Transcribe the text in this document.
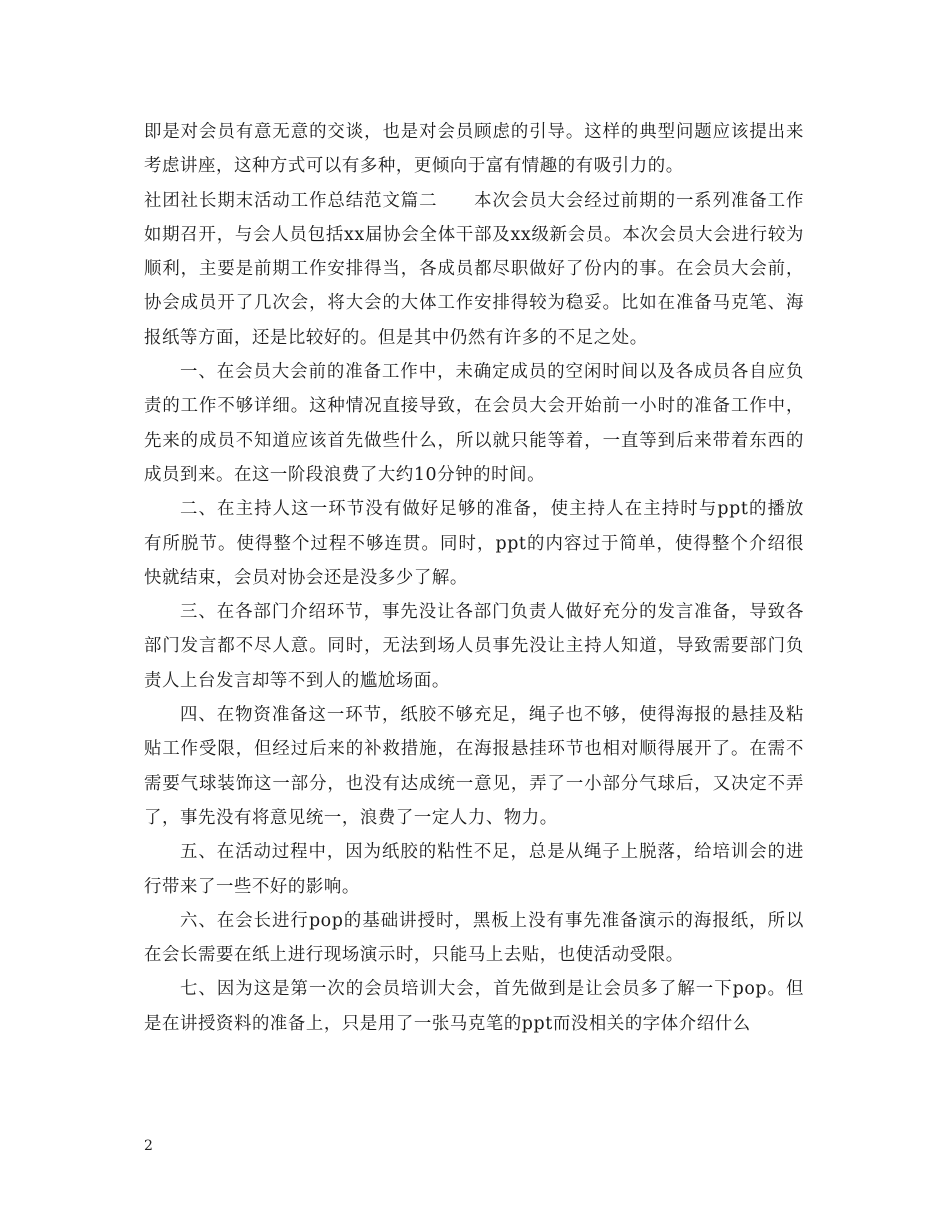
即是对会员有意无意的交谈，也是对会员顾虑的引导。这样的典型问题应该提出来考虑讲座，这种方式可以有多种，更倾向于富有情趣的有吸引力的。

社团社长期末活动工作总结范文篇二　　本次会员大会经过前期的一系列准备工作如期召开，与会人员包括xx届协会全体干部及xx级新会员。本次会员大会进行较为顺利，主要是前期工作安排得当，各成员都尽职做好了份内的事。在会员大会前，协会成员开了几次会，将大会的大体工作安排得较为稳妥。比如在准备马克笔、海报纸等方面，还是比较好的。但是其中仍然有许多的不足之处。

一、在会员大会前的准备工作中，未确定成员的空闲时间以及各成员各自应负责的工作不够详细。这种情况直接导致，在会员大会开始前一小时的准备工作中，先来的成员不知道应该首先做些什么，所以就只能等着，一直等到后来带着东西的成员到来。在这一阶段浪费了大约10分钟的时间。

二、在主持人这一环节没有做好足够的准备，使主持人在主持时与ppt的播放有所脱节。使得整个过程不够连贯。同时，ppt的内容过于简单，使得整个介绍很快就结束，会员对协会还是没多少了解。

三、在各部门介绍环节，事先没让各部门负责人做好充分的发言准备，导致各部门发言都不尽人意。同时，无法到场人员事先没让主持人知道，导致需要部门负责人上台发言却等不到人的尴尬场面。

四、在物资准备这一环节，纸胶不够充足，绳子也不够，使得海报的悬挂及粘贴工作受限，但经过后来的补救措施，在海报悬挂环节也相对顺得展开了。在需不需要气球装饰这一部分，也没有达成统一意见，弄了一小部分气球后，又决定不弄了，事先没有将意见统一，浪费了一定人力、物力。

五、在活动过程中，因为纸胶的粘性不足，总是从绳子上脱落，给培训会的进行带来了一些不好的影响。

六、在会长进行pop的基础讲授时，黑板上没有事先准备演示的海报纸，所以在会长需要在纸上进行现场演示时，只能马上去贴，也使活动受限。

七、因为这是第一次的会员培训大会，首先做到是让会员多了解一下pop。但是在讲授资料的准备上，只是用了一张马克笔的ppt而没相关的字体介绍什么

2
